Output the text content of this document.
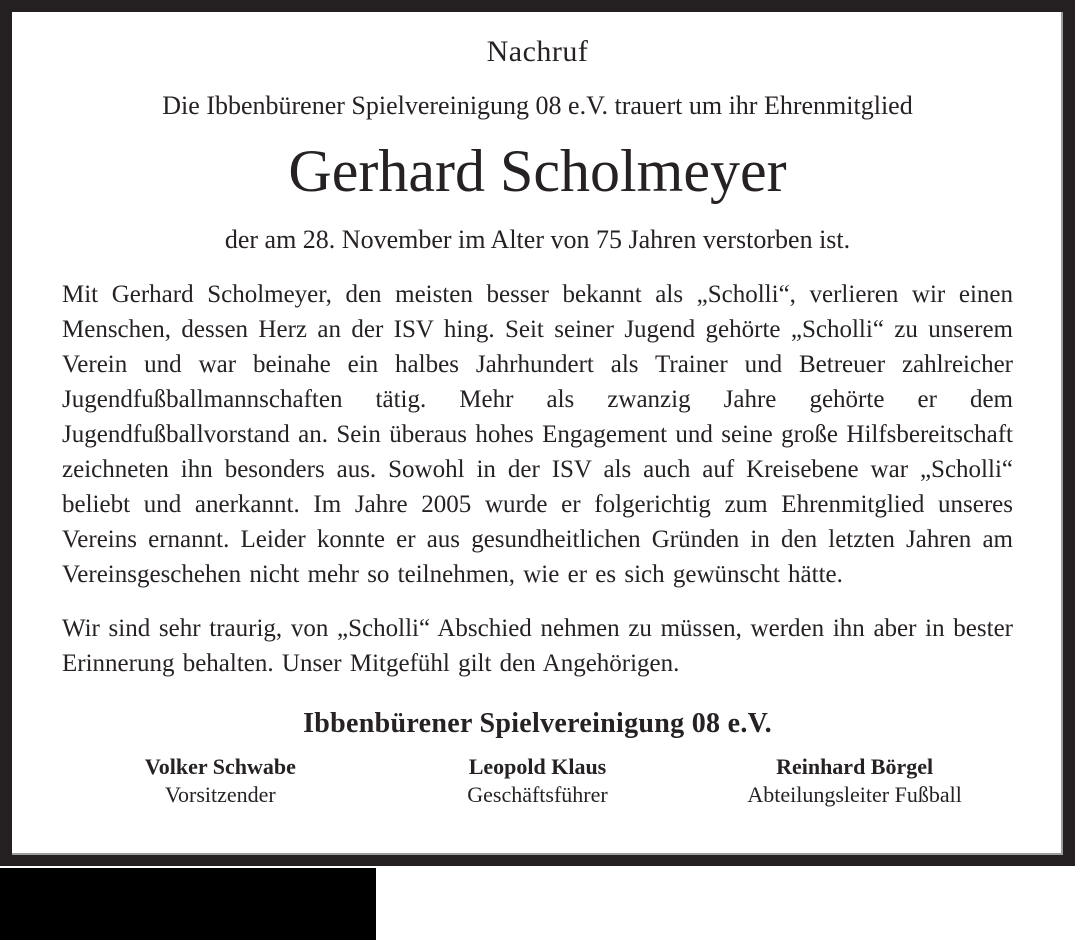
Nachruf
Die Ibbenbürener Spielvereinigung 08 e.V. trauert um ihr Ehrenmitglied
Gerhard Scholmeyer
der am 28. November im Alter von 75 Jahren verstorben ist.

Mit Gerhard Scholmeyer, den meisten besser bekannt als „Scholli“, verlieren wir einen Menschen, dessen Herz an der ISV hing. Seit seiner Jugend gehörte „Scholli“ zu unserem Verein und war beinahe ein halbes Jahrhundert als Trainer und Betreuer zahlreicher Jugendfußballmannschaften tätig. Mehr als zwanzig Jahre gehörte er dem Jugendfußballvorstand an. Sein überaus hohes Engagement und seine große Hilfsbereitschaft zeichneten ihn besonders aus. Sowohl in der ISV als auch auf Kreisebene war „Scholli“ beliebt und anerkannt. Im Jahre 2005 wurde er folgerichtig zum Ehrenmitglied unseres Vereins ernannt. Leider konnte er aus gesundheitlichen Gründen in den letzten Jahren am Vereinsgeschehen nicht mehr so teilnehmen, wie er es sich gewünscht hätte.

Wir sind sehr traurig, von „Scholli“ Abschied nehmen zu müssen, werden ihn aber in bester Erinnerung behalten. Unser Mitgefühl gilt den Angehörigen.

Ibbenbürener Spielvereinigung 08 e.V.
Volker Schwabe
Vorsitzender
Leopold Klaus
Geschäftsführer
Reinhard Börgel
Abteilungsleiter Fußball
